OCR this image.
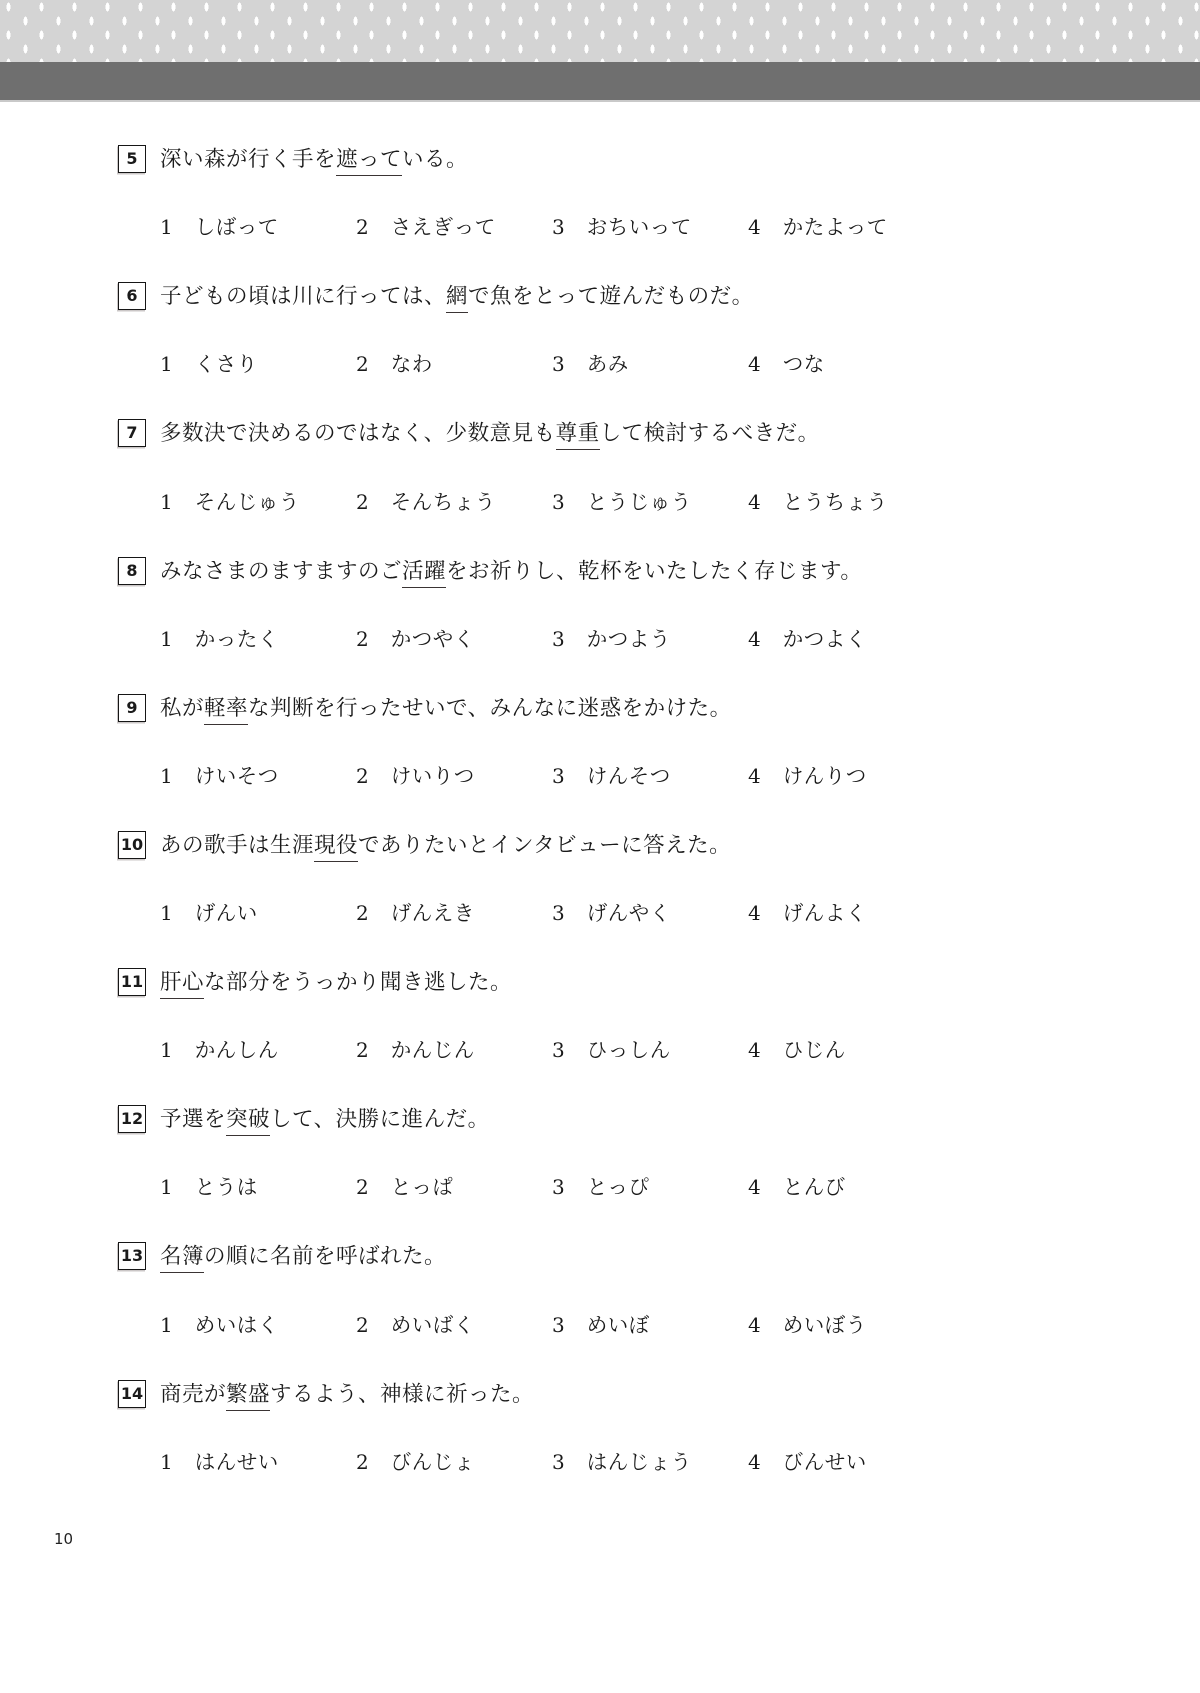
5	深い森が行く手を遮っている。
1 しばって	2 さえぎって	3 おちいって	4 かたよって
6	子どもの頃は川に行っては、網で魚をとって遊んだものだ。
1 くさり	2 なわ	3 あみ	4 つな
7	多数決で決めるのではなく、少数意見も尊重して検討するべきだ。
1 そんじゅう	2 そんちょう	3 とうじゅう	4 とうちょう
8	みなさまのますますのご活躍をお祈りし、乾杯をいたしたく存じます。
1 かったく	2 かつやく	3 かつよう	4 かつよく
9	私が軽率な判断を行ったせいで、みんなに迷惑をかけた。
1 けいそつ	2 けいりつ	3 けんそつ	4 けんりつ
10 あの歌手は生涯現役でありたいとインタビューに答えた。
1 げんい	2 げんえき	3 げんやく	4 げんよく
11 肝心な部分をうっかり聞き逃した。
1 かんしん	2 かんじん	3 ひっしん	4 ひじん
12 予選を突破して、決勝に進んだ。
1 とうは	2 とっぱ	3 とっぴ	4 とんび
13 名簿の順に名前を呼ばれた。
1 めいはく	2 めいばく	3 めいぼ	4 めいぼう
14 商売が繁盛するよう、神様に祈った。
1 はんせい	2 びんじょ	3 はんじょう	4 びんせい
10
